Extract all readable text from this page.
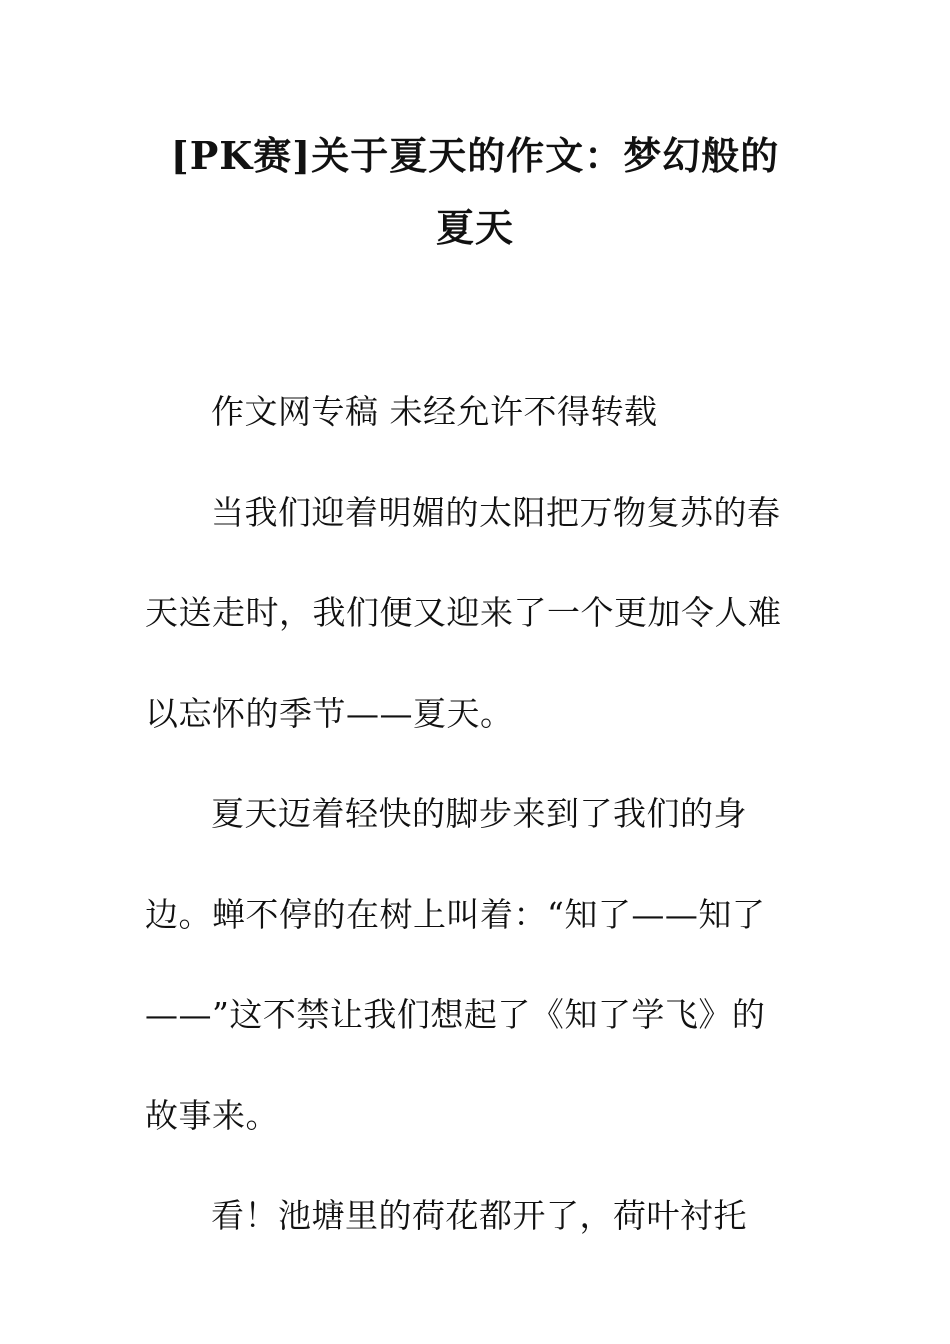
[PK赛]关于夏天的作文：梦幻般的
夏天

作文网专稿 未经允许不得转载

当我们迎着明媚的太阳把万物复苏的春天送走时，我们便又迎来了一个更加令人难以忘怀的季节——夏天。

夏天迈着轻快的脚步来到了我们的身边。蝉不停的在树上叫着：“知了——知了——”这不禁让我们想起了《知了学飞》的故事来。

看！池塘里的荷花都开了，荷叶衬托
